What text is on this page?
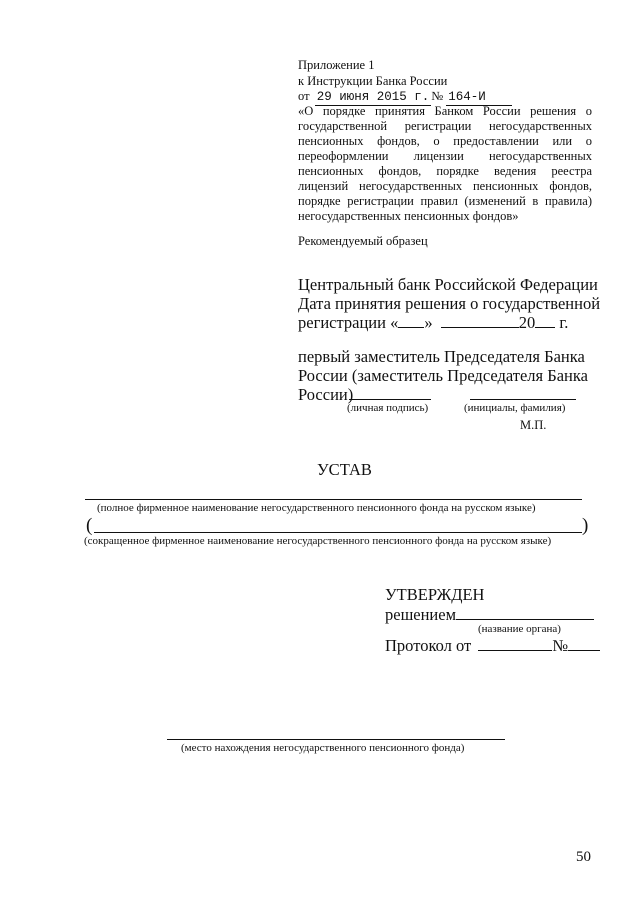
Приложение 1
к Инструкции Банка России
от 29 июня 2015 г. № 164-И
«О порядке принятия Банком России решения о
государственной регистрации негосударственных
пенсионных фондов, о предоставлении или о
переоформлении лицензии негосударственных
пенсионных фондов, порядке ведения реестра
лицензий негосударственных пенсионных фондов,
порядке регистрации правил (изменений в правила)
негосударственных пенсионных фондов»
Рекомендуемый образец
Центральный банк Российской Федерации
Дата принятия решения о государственной
регистрации « »	20 г.
первый заместитель Председателя Банка
России (заместитель Председателя Банка
России)
(личная подпись)	(инициалы, фамилия)
М.П.
УСТАВ
(полное фирменное наименование негосударственного пенсионного фонда на русском языке)
(	)
(сокращенное фирменное наименование негосударственного пенсионного фонда на русском языке)
УТВЕРЖДЕН
решением
(название органа)
Протокол от	№
(место нахождения негосударственного пенсионного фонда)
50
